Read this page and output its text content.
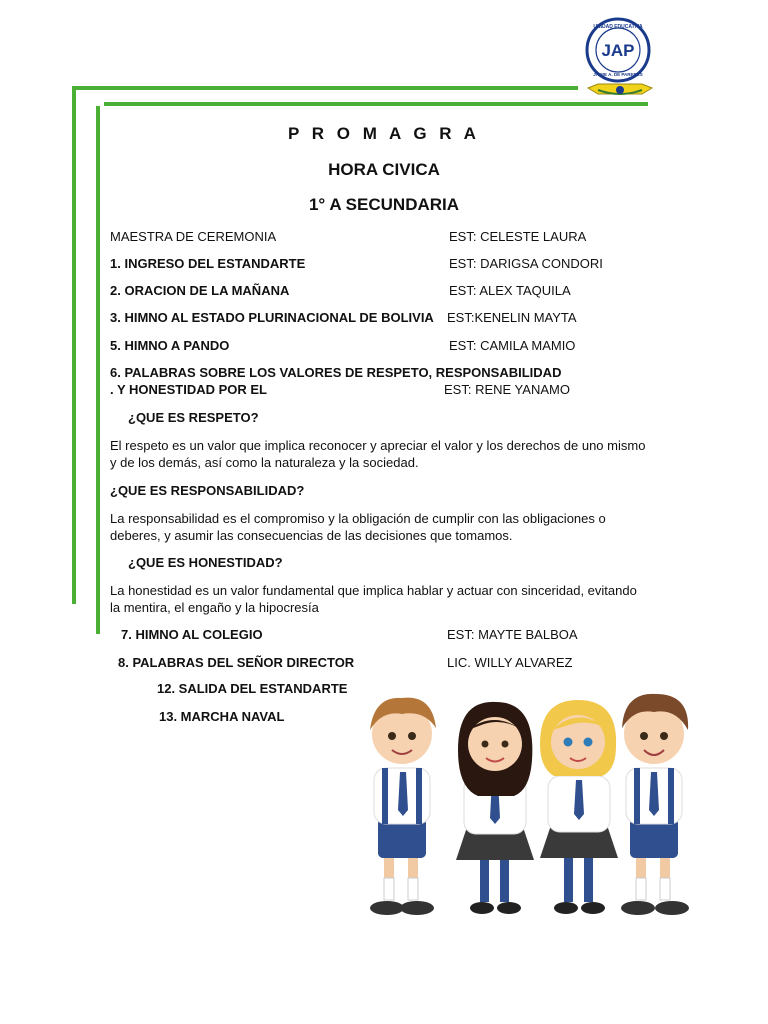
UNIDAD EDUCATIVA
JAP
JAIME A. DE PAREDES
P R O M A G R A
HORA CIVICA
1° A SECUNDARIA
MAESTRA DE CEREMONIA	EST: CELESTE LAURA
1. INGRESO DEL ESTANDARTE	EST: DARIGSA CONDORI
2. ORACION DE LA MAÑANA	EST: ALEX TAQUILA
3. HIMNO AL ESTADO PLURINACIONAL DE BOLIVIA EST:KENELIN MAYTA
5. HIMNO A PANDO	EST: CAMILA MAMIO
6. PALABRAS SOBRE LOS VALORES DE RESPETO, RESPONSABILIDAD
. Y HONESTIDAD POR EL	EST: RENE YANAMO
¿QUE ES RESPETO?
El respeto es un valor que implica reconocer y apreciar el valor y los derechos de uno mismo y de los demás, así como la naturaleza y la sociedad.
¿QUE ES RESPONSABILIDAD?
La responsabilidad es el compromiso y la obligación de cumplir con las obligaciones o deberes, y asumir las consecuencias de las decisiones que tomamos.
¿QUE ES HONESTIDAD?
La honestidad es un valor fundamental que implica hablar y actuar con sinceridad, evitando la mentira, el engaño y la hipocresía
7. HIMNO AL COLEGIO	EST: MAYTE BALBOA
8. PALABRAS DEL SEÑOR DIRECTOR	LIC. WILLY ALVAREZ
12. SALIDA DEL ESTANDARTE
13. MARCHA NAVAL
